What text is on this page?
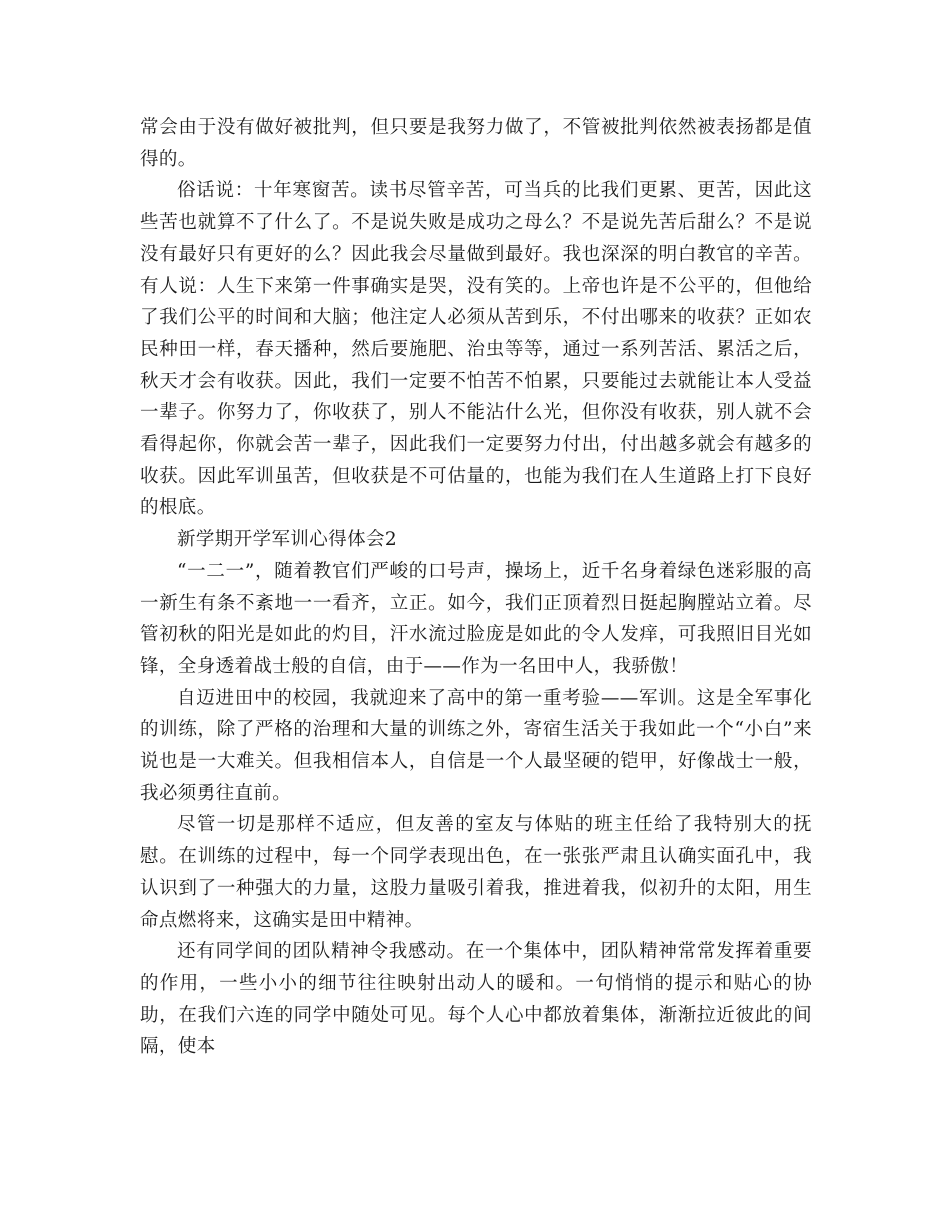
常会由于没有做好被批判，但只要是我努力做了，不管被批判依然被表扬都是值得的。

俗话说：十年寒窗苦。读书尽管辛苦，可当兵的比我们更累、更苦，因此这些苦也就算不了什么了。不是说失败是成功之母么？不是说先苦后甜么？不是说没有最好只有更好的么？因此我会尽量做到最好。我也深深的明白教官的辛苦。有人说：人生下来第一件事确实是哭，没有笑的。上帝也许是不公平的，但他给了我们公平的时间和大脑；他注定人必须从苦到乐，不付出哪来的收获？正如农民种田一样，春天播种，然后要施肥、治虫等等，通过一系列苦活、累活之后，秋天才会有收获。因此，我们一定要不怕苦不怕累，只要能过去就能让本人受益一辈子。你努力了，你收获了，别人不能沾什么光，但你没有收获，别人就不会看得起你，你就会苦一辈子，因此我们一定要努力付出，付出越多就会有越多的收获。因此军训虽苦，但收获是不可估量的，也能为我们在人生道路上打下良好的根底。

新学期开学军训心得体会2

“一二一”，随着教官们严峻的口号声，操场上，近千名身着绿色迷彩服的高一新生有条不紊地一一看齐，立正。如今，我们正顶着烈日挺起胸膛站立着。尽管初秋的阳光是如此的灼目，汗水流过脸庞是如此的令人发痒，可我照旧目光如锋，全身透着战士般的自信，由于——作为一名田中人，我骄傲！

自迈进田中的校园，我就迎来了高中的第一重考验——军训。这是全军事化的训练，除了严格的治理和大量的训练之外，寄宿生活关于我如此一个“小白”来说也是一大难关。但我相信本人，自信是一个人最坚硬的铠甲，好像战士一般，我必须勇往直前。

尽管一切是那样不适应，但友善的室友与体贴的班主任给了我特别大的抚慰。在训练的过程中，每一个同学表现出色，在一张张严肃且认确实面孔中，我认识到了一种强大的力量，这股力量吸引着我，推进着我，似初升的太阳，用生命点燃将来，这确实是田中精神。

还有同学间的团队精神令我感动。在一个集体中，团队精神常常发挥着重要的作用，一些小小的细节往往映射出动人的暖和。一句悄悄的提示和贴心的协助，在我们六连的同学中随处可见。每个人心中都放着集体，渐渐拉近彼此的间隔，使本
